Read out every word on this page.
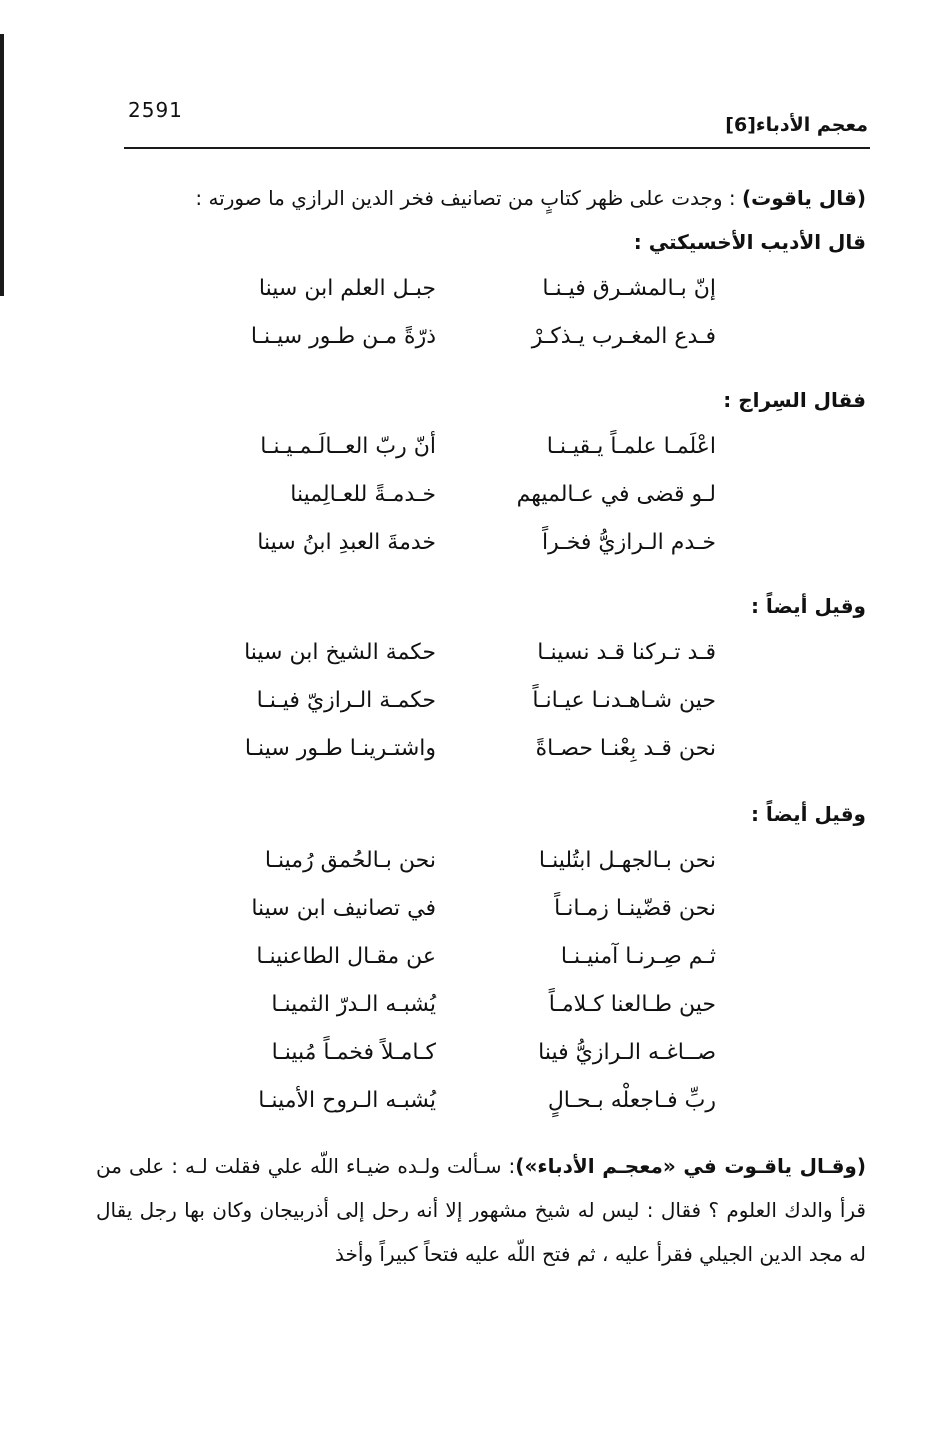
2591
معجم الأدباء[6]

(قال ياقوت) : وجدت على ظهر كتابٍ من تصانيف فخر الدين الرازي ما صورته :

قال الأديب الأخسيكتي :

إنّ بـالمشـرق فيـنـا
جبـل العلم ابن سينا
فـدع المغـرب يـذكـرْ
ذرّةً مـن طـور سيـنـا

فقال السِراج :

اعْلَمـا علمـاً يـقيـنـا
أنّ ربّ العــالَـمـيـنـا
لـو قضى في عـالميهم
خـدمـةً للعـالِمينا
خـدم الـرازيُّ فخـراً
خدمةَ العبدِ ابنُ سينا

وقيل أيضاً :

قـد تـركنا قـد نسينـا
حكمة الشيخ ابن سينا
حين شـاهـدنـا عيـانـاً
حكمـة الـرازيّ فيـنـا
نحن قـد بِعْنـا حصـاةً
واشتـرينـا طـور سينـا

وقيل أيضاً :

نحن بـالجهـل ابتُلينـا
نحن بـالحُمق رُمينـا
نحن قضّينـا زمـانـاً
في تصانيف ابن سينا
ثـم صِـرنـا آمنيـنـا
عن مقـال الطاعنينـا
حين طـالعنا كـلامـاً
يُشبـه الـدرّ الثمينـا
صــاغـه الـرازيُّ فينا
كـامـلاً فخمـاً مُبينـا
ربِّ فـاجعلْه بـحـالٍ
يُشبـه الـروح الأمينـا

(وقـال ياقـوت في «معجـم الأدباء»): سـألت ولـده ضيـاء اللّه علي فقلت لـه : على من قرأ والدك العلوم ؟ فقال : ليس له شيخ مشهور إلا أنه رحل إلى أذربيجان وكان بها رجل يقال له مجد الدين الجيلي فقرأ عليه ، ثم فتح اللّه عليه فتحاً كبيراً وأخذ
